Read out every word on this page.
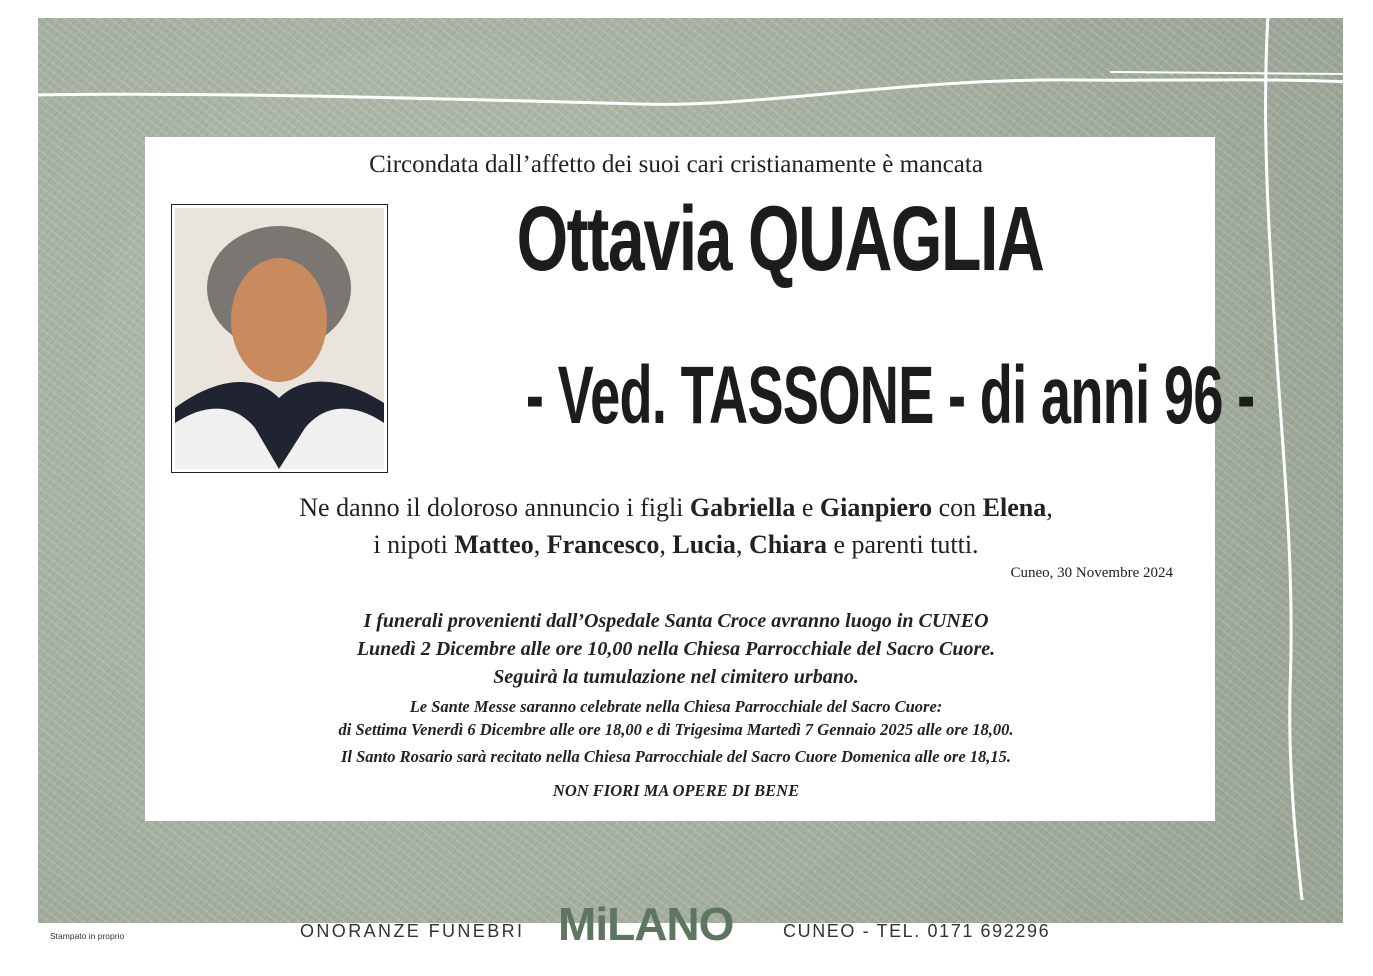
Circondata dall’affetto dei suoi cari cristianamente è mancata
Ottavia QUAGLIA
- Ved. TASSONE - di anni 96 -
Ne danno il doloroso annuncio i figli Gabriella e Gianpiero con Elena,
i nipoti Matteo, Francesco, Lucia, Chiara e parenti tutti.
Cuneo, 30 Novembre 2024
I funerali provenienti dall’Ospedale Santa Croce avranno luogo in CUNEO
Lunedì 2 Dicembre alle ore 10,00 nella Chiesa Parrocchiale del Sacro Cuore.
Seguirà la tumulazione nel cimitero urbano.
Le Sante Messe saranno celebrate nella Chiesa Parrocchiale del Sacro Cuore:
di Settima Venerdì 6 Dicembre alle ore 18,00 e di Trigesima Martedì 7 Gennaio 2025 alle ore 18,00.
Il Santo Rosario sarà recitato nella Chiesa Parrocchiale del Sacro Cuore Domenica alle ore 18,15.
NON FIORI MA OPERE DI BENE
Stampato in proprio	ONORANZE FUNEBRI MiLANO	CUNEO - TEL. 0171 692296
